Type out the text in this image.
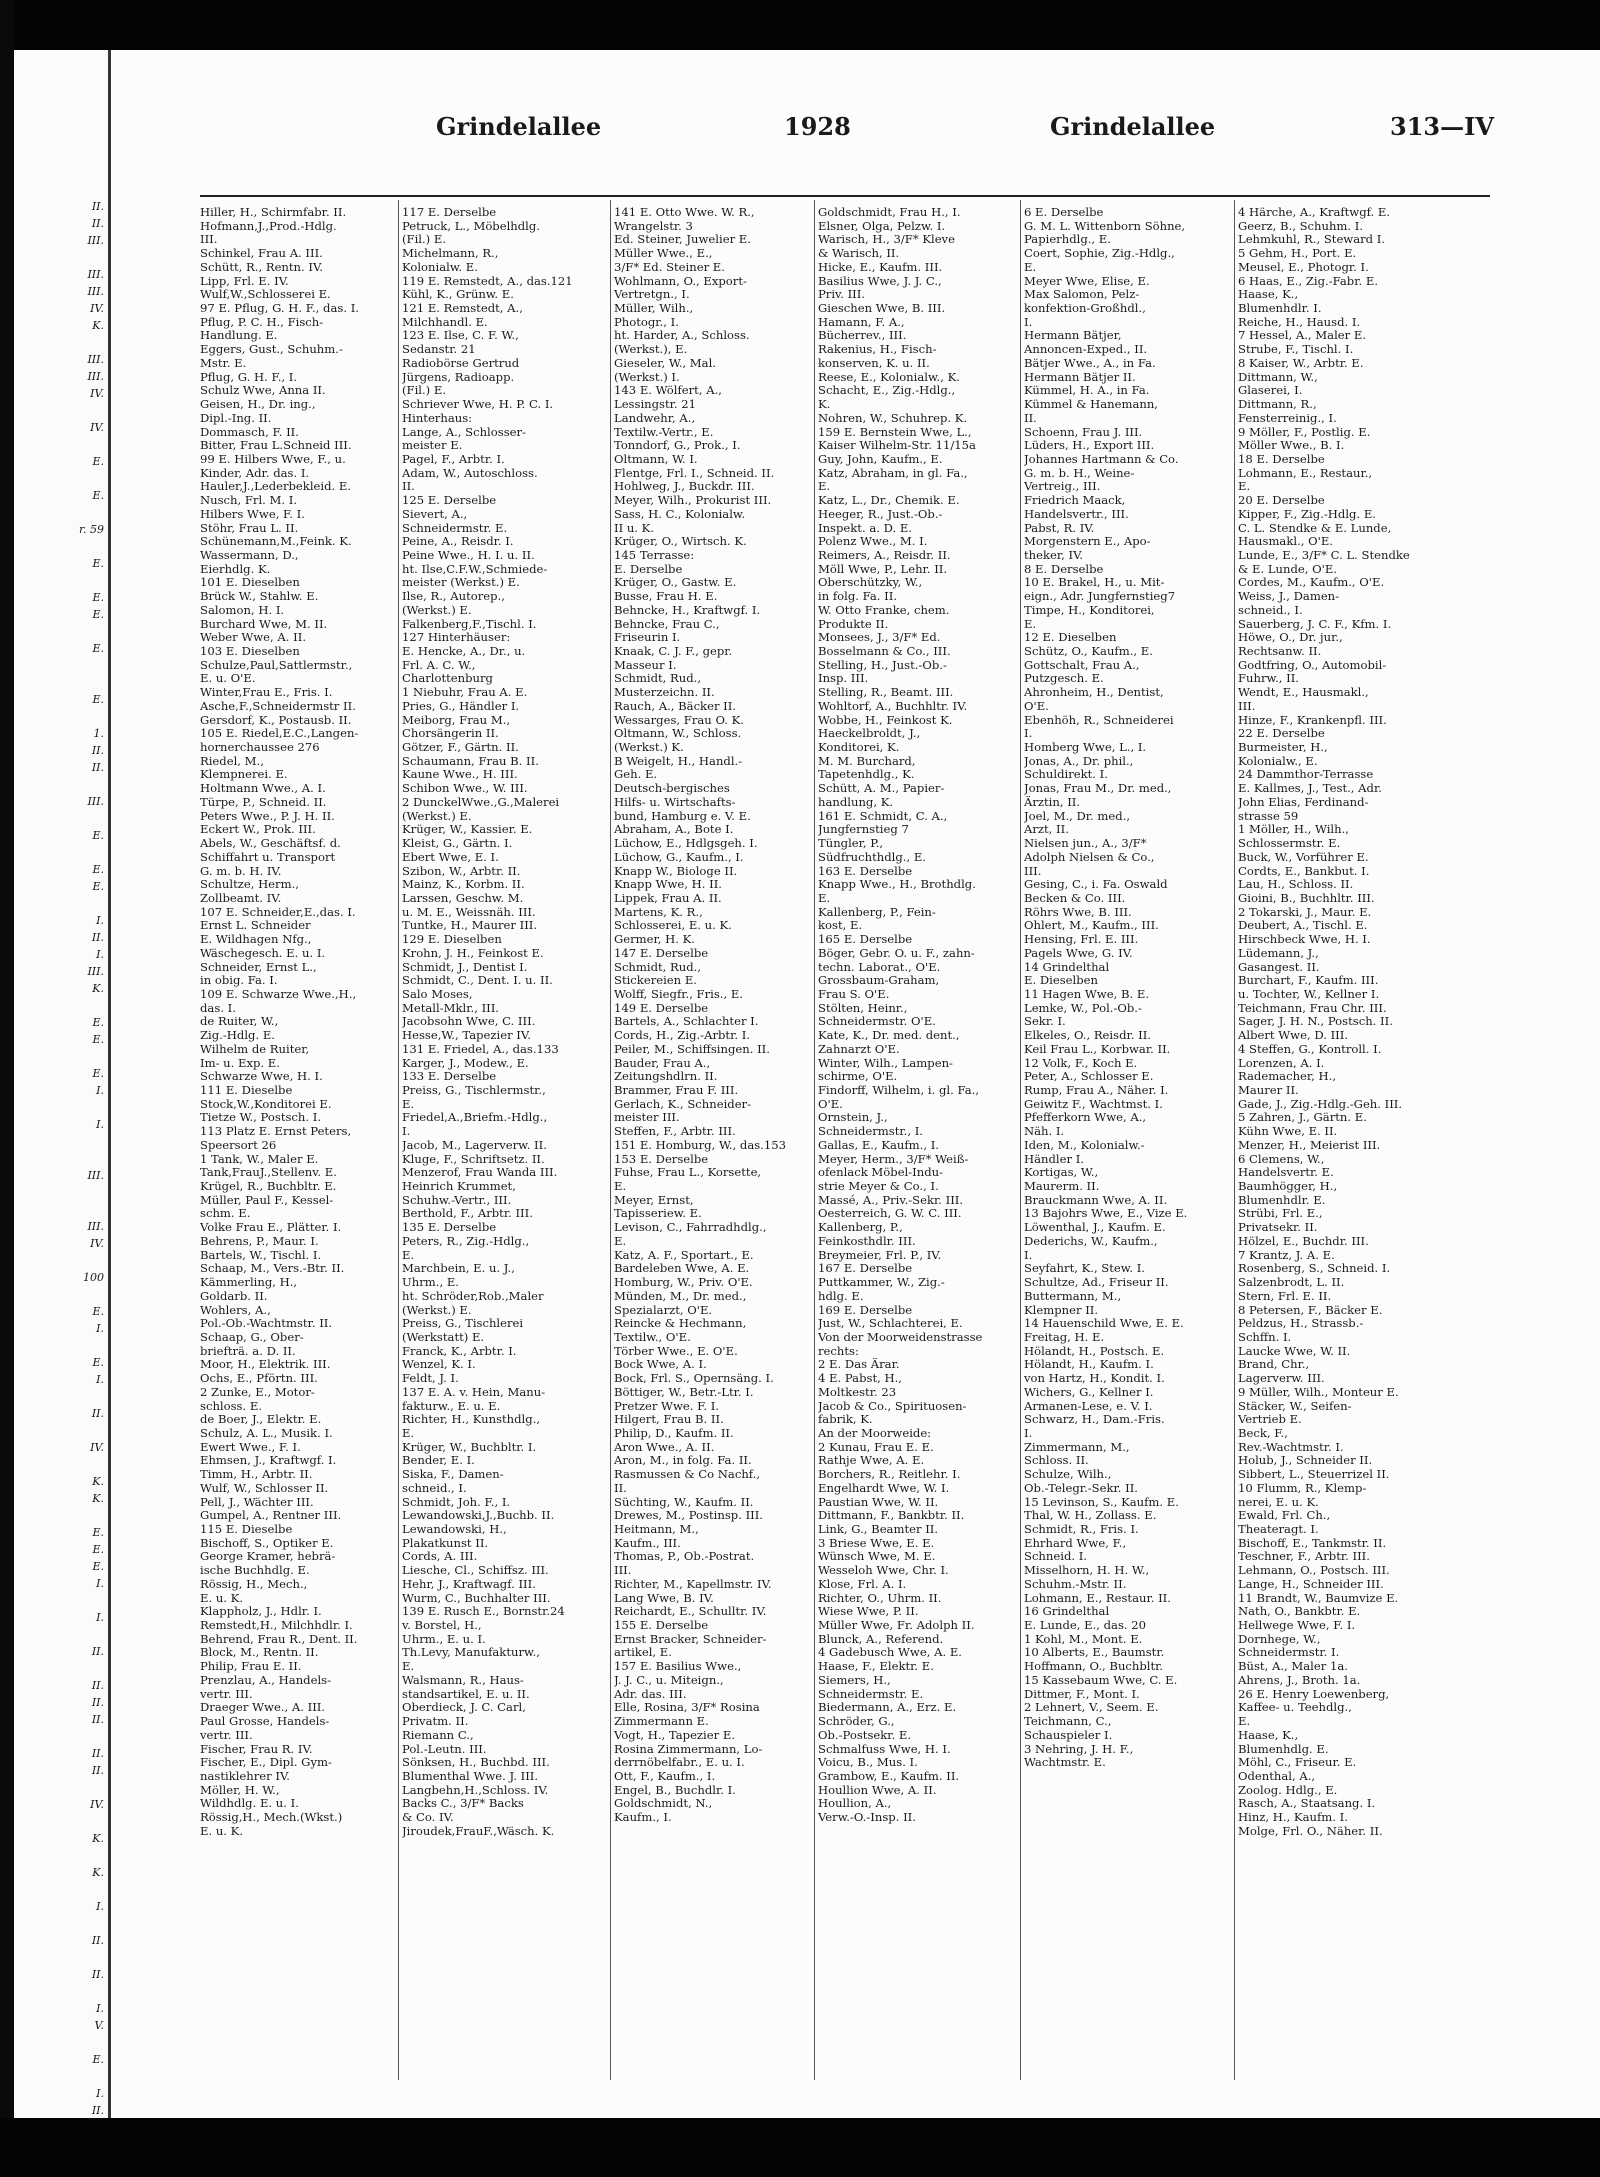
II.
II.
III.
III.
III.
IV.
K.
III.
III.
IV.
IV.
E.
E.
r. 59
E.
E.
E.
E.
E.
1.
II.
II.
III.
E.
E.
E.
I.
II.
I.
III.
K.
E.
E.
E.
I.
I.
III.
III.
IV.
100
E.
I.
E.
I.
II.
IV.
K.
K.
E.
E.
E.
I.
I.
II.
II.
II.
II.
II.
II.
IV.
K.
K.
I.
II.
II.
I.
V.
E.
I.
II.
Grindelallee	1928	Grindelallee	313—IV
Hiller, H., Schirmfabr. II.
Hofmann,J.,Prod.-Hdlg.
III.
Schinkel, Frau A. III.
Schütt, R., Rentn. IV.
Lipp, Frl. E. IV.
Wulf,W.,Schlosserei E.
97 E. Pflug, G. H. F., das. I.
Pflug, P. C. H., Fisch-
Handlung. E.
Eggers, Gust., Schuhm.-
Mstr. E.
Pflug, G. H. F., I.
Schulz Wwe, Anna II.
Geisen, H., Dr. ing.,
Dipl.-Ing. II.
Dommasch, F. II.
Bitter, Frau L.Schneid III.
99 E. Hilbers Wwe, F., u.
Kinder, Adr. das. I.
Hauler,J.,Lederbekleid. E.
Nusch, Frl. M. I.
Hilbers Wwe, F. I.
Stöhr, Frau L. II.
Schünemann,M.,Feink. K.
Wassermann, D.,
Eierhdlg. K.
101 E. Dieselben
Brück W., Stahlw. E.
Salomon, H. I.
Burchard Wwe, M. II.
Weber Wwe, A. II.
103 E. Dieselben
Schulze,Paul,Sattlermstr.,
E. u. O'E.
Winter,Frau E., Fris. I.
Asche,F.,Schneidermstr II.
Gersdorf, K., Postausb. II.
105 E. Riedel,E.C.,Langen-
hornerchaussee 276
Riedel, M.,
Klempnerei. E.
Holtmann Wwe., A. I.
Türpe, P., Schneid. II.
Peters Wwe., P. J. H. II.
Eckert W., Prok. III.
Abels, W., Geschäftsf. d.
Schiffahrt u. Transport
G. m. b. H. IV.
Schultze, Herm.,
Zollbeamt. IV.
107 E. Schneider,E.,das. I.
Ernst L. Schneider
E. Wildhagen Nfg.,
Wäschegesch. E. u. I.
Schneider, Ernst L.,
in obig. Fa. I.
109 E. Schwarze Wwe.,H.,
das. I.
de Ruiter, W.,
Zig.-Hdlg. E.
Wilhelm de Ruiter,
Im- u. Exp. E.
Schwarze Wwe, H. I.
111 E. Dieselbe
Stock,W.,Konditorei E.
Tietze W., Postsch. I.
113 Platz E. Ernst Peters,
Speersort 26
1 Tank, W., Maler E.
Tank,FrauJ.,Stellenv. E.
Krügel, R., Buchbltr. E.
Müller, Paul F., Kessel-
schm. E.
Volke Frau E., Plätter. I.
Behrens, P., Maur. I.
Bartels, W., Tischl. I.
Schaap, M., Vers.-Btr. II.
Kämmerling, H.,
Goldarb. II.
Wohlers, A.,
Pol.-Ob.-Wachtmstr. II.
Schaap, G., Ober-
briefträ. a. D. II.
Moor, H., Elektrik. III.
Ochs, E., Pförtn. III.
2 Zunke, E., Motor-
schloss. E.
de Boer, J., Elektr. E.
Schulz, A. L., Musik. I.
Ewert Wwe., F. I.
Ehmsen, J., Kraftwgf. I.
Timm, H., Arbtr. II.
Wulf, W., Schlosser II.
Pell, J., Wächter III.
Gumpel, A., Rentner III.
115 E. Dieselbe
Bischoff, S., Optiker E.
George Kramer, hebrä-
ische Buchhdlg. E.
Rössig, H., Mech.,
E. u. K.
Klappholz, J., Hdlr. I.
Remstedt,H., Milchhdlr. I.
Behrend, Frau R., Dent. II.
Block, M., Rentn. II.
Philip, Frau E. II.
Prenzlau, A., Handels-
vertr. III.
Draeger Wwe., A. III.
Paul Grosse, Handels-
vertr. III.
Fischer, Frau R. IV.
Fischer, E., Dipl. Gym-
nastiklehrer IV.
Möller, H. W.,
Wildhdlg. E. u. I.
Rössig,H., Mech.(Wkst.)
E. u. K.
117 E. Derselbe
Petruck, L., Möbelhdlg.
(Fil.) E.
Michelmann, R.,
Kolonialw. E.
119 E. Remstedt, A., das.121
Kühl, K., Grünw. E.
121 E. Remstedt, A.,
Milchhandl. E.
123 E. Ilse, C. F. W.,
Sedanstr. 21
Radiobörse Gertrud
Jürgens, Radioapp.
(Fil.) E.
Schriever Wwe, H. P. C. I.
Hinterhaus:
Lange, A., Schlosser-
meister E.
Pagel, F., Arbtr. I.
Adam, W., Autoschloss.
II.
125 E. Derselbe
Sievert, A.,
Schneidermstr. E.
Peine, A., Reisdr. I.
Peine Wwe., H. I. u. II.
ht. Ilse,C.F.W.,Schmiede-
meister (Werkst.) E.
Ilse, R., Autorep.,
(Werkst.) E.
Falkenberg,F.,Tischl. I.
127 Hinterhäuser:
E. Hencke, A., Dr., u.
Frl. A. C. W.,
Charlottenburg
1 Niebuhr, Frau A. E.
Pries, G., Händler I.
Meiborg, Frau M.,
Chorsängerin II.
Götzer, F., Gärtn. II.
Schaumann, Frau B. II.
Kaune Wwe., H. III.
Schibon Wwe., W. III.
2 DunckelWwe.,G.,Malerei
(Werkst.) E.
Krüger, W., Kassier. E.
Kleist, G., Gärtn. I.
Ebert Wwe, E. I.
Szibon, W., Arbtr. II.
Mainz, K., Korbm. II.
Larssen, Geschw. M.
u. M. E., Weissnäh. III.
Tuntke, H., Maurer III.
129 E. Dieselben
Krohn, J. H., Feinkost E.
Schmidt, J., Dentist I.
Schmidt, C., Dent. I. u. II.
Salo Moses,
Metall-Mklr., III.
Jacobsohn Wwe, C. III.
Hesse,W., Tapezier IV.
131 E. Friedel, A., das.133
Karger, J., Modew., E.
133 E. Derselbe
Preiss, G., Tischlermstr.,
E.
Friedel,A.,Briefm.-Hdlg.,
I.
Jacob, M., Lagerverw. II.
Kluge, F., Schriftsetz. II.
Menzerof, Frau Wanda III.
Heinrich Krummet,
Schuhw.-Vertr., III.
Berthold, F., Arbtr. III.
135 E. Derselbe
Peters, R., Zig.-Hdlg.,
E.
Marchbein, E. u. J.,
Uhrm., E.
ht. Schröder,Rob.,Maler
(Werkst.) E.
Preiss, G., Tischlerei
(Werkstatt) E.
Franck, K., Arbtr. I.
Wenzel, K. I.
Feldt, J. I.
137 E. A. v. Hein, Manu-
fakturw., E. u. E.
Richter, H., Kunsthdlg.,
E.
Krüger, W., Buchbltr. I.
Bender, E. I.
Siska, F., Damen-
schneid., I.
Schmidt, Joh. F., I.
Lewandowski,J.,Buchb. II.
Lewandowski, H.,
Plakatkunst II.
Cords, A. III.
Liesche, Cl., Schiffsz. III.
Hehr, J., Kraftwagf. III.
Wurm, C., Buchhalter III.
139 E. Rusch E., Bornstr.24
v. Borstel, H.,
Uhrm., E. u. I.
Th.Levy, Manufakturw.,
E.
Walsmann, R., Haus-
standsartikel, E. u. II.
Oberdieck, J. C. Carl,
Privatm. II.
Riemann C.,
Pol.-Leutn. III.
Sönksen, H., Buchbd. III.
Blumenthal Wwe. J. III.
Langbehn,H.,Schloss. IV.
Backs C., 3/F* Backs
& Co. IV.
Jiroudek,FrauF.,Wäsch. K.
141 E. Otto Wwe. W. R.,
Wrangelstr. 3
Ed. Steiner, Juwelier E.
Müller Wwe., E.,
3/F* Ed. Steiner E.
Wohlmann, O., Export-
Vertretgn., I.
Müller, Wilh.,
Photogr., I.
ht. Harder, A., Schloss.
(Werkst.), E.
Gieseler, W., Mal.
(Werkst.) I.
143 E. Wölfert, A.,
Lessingstr. 21
Landwehr, A.,
Textilw.-Vertr., E.
Tonndorf, G., Prok., I.
Oltmann, W. I.
Flentge, Frl. I., Schneid. II.
Hohlweg, J., Buckdr. III.
Meyer, Wilh., Prokurist III.
Sass, H. C., Kolonialw.
II u. K.
Krüger, O., Wirtsch. K.
145 Terrasse:
E. Derselbe
Krüger, O., Gastw. E.
Busse, Frau H. E.
Behncke, H., Kraftwgf. I.
Behncke, Frau C.,
Friseurin I.
Knaak, C. J. F., gepr.
Masseur I.
Schmidt, Rud.,
Musterzeichn. II.
Rauch, A., Bäcker II.
Wessarges, Frau O. K.
Oltmann, W., Schloss.
(Werkst.) K.
B Weigelt, H., Handl.-
Geh. E.
Deutsch-bergisches
Hilfs- u. Wirtschafts-
bund, Hamburg e. V. E.
Abraham, A., Bote I.
Lüchow, E., Hdlgsgeh. I.
Lüchow, G., Kaufm., I.
Knapp W., Biologe II.
Knapp Wwe, H. II.
Lippek, Frau A. II.
Martens, K. R.,
Schlosserei, E. u. K.
Germer, H. K.
147 E. Derselbe
Schmidt, Rud.,
Stickereien E.
Wolff, Siegfr., Fris., E.
149 E. Derselbe
Bartels, A., Schlachter I.
Cords, H., Zig.-Arbtr. I.
Peiler, M., Schiffsingen. II.
Bauder, Frau A.,
Zeitungshdlrn. II.
Brammer, Frau F. III.
Gerlach, K., Schneider-
meister III.
Steffen, F., Arbtr. III.
151 E. Homburg, W., das.153
153 E. Derselbe
Fuhse, Frau L., Korsette,
E.
Meyer, Ernst,
Tapisseriew. E.
Levison, C., Fahrradhdlg.,
E.
Katz, A. F., Sportart., E.
Bardeleben Wwe, A. E.
Homburg, W., Priv. O'E.
Münden, M., Dr. med.,
Spezialarzt, O'E.
Reincke & Hechmann,
Textilw., O'E.
Törber Wwe., E. O'E.
Bock Wwe, A. I.
Bock, Frl. S., Opernsäng. I.
Böttiger, W., Betr.-Ltr. I.
Pretzer Wwe. F. I.
Hilgert, Frau B. II.
Philip, D., Kaufm. II.
Aron Wwe., A. II.
Aron, M., in folg. Fa. II.
Rasmussen & Co Nachf.,
II.
Süchting, W., Kaufm. II.
Drewes, M., Postinsp. III.
Heitmann, M.,
Kaufm., III.
Thomas, P., Ob.-Postrat.
III.
Richter, M., Kapellmstr. IV.
Lang Wwe, B. IV.
Reichardt, E., Schulltr. IV.
155 E. Derselbe
Ernst Bracker, Schneider-
artikel, E.
157 E. Basilius Wwe.,
J. J. C., u. Miteign.,
Adr. das. III.
Elle, Rosina, 3/F* Rosina
Zimmermann E.
Vogt, H., Tapezier E.
Rosina Zimmermann, Lo-
derrnöbelfabr., E. u. I.
Ott, F., Kaufm., I.
Engel, B., Buchdlr. I.
Goldschmidt, N.,
Kaufm., I.
Goldschmidt, Frau H., I.
Elsner, Olga, Pelzw. I.
Warisch, H., 3/F* Kleve
& Warisch, II.
Hicke, E., Kaufm. III.
Basilius Wwe, J. J. C.,
Priv. III.
Gieschen Wwe, B. III.
Hamann, F. A.,
Bücherrev., III.
Rakenius, H., Fisch-
konserven, K. u. II.
Reese, E., Kolonialw., K.
Schacht, E., Zig.-Hdlg.,
K.
Nohren, W., Schuhrep. K.
159 E. Bernstein Wwe, L.,
Kaiser Wilhelm-Str. 11/15a
Guy, John, Kaufm., E.
Katz, Abraham, in gl. Fa.,
E.
Katz, L., Dr., Chemik. E.
Heeger, R., Just.-Ob.-
Inspekt. a. D. E.
Polenz Wwe., M. I.
Reimers, A., Reisdr. II.
Möll Wwe, P., Lehr. II.
Oberschützky, W.,
in folg. Fa. II.
W. Otto Franke, chem.
Produkte II.
Monsees, J., 3/F* Ed.
Bosselmann & Co., III.
Stelling, H., Just.-Ob.-
Insp. III.
Stelling, R., Beamt. III.
Wohltorf, A., Buchhltr. IV.
Wobbe, H., Feinkost K.
Haeckelbroldt, J.,
Konditorei, K.
M. M. Burchard,
Tapetenhdlg., K.
Schütt, A. M., Papier-
handlung, K.
161 E. Schmidt, C. A.,
Jungfernstieg 7
Tüngler, P.,
Südfruchthdlg., E.
163 E. Derselbe
Knapp Wwe., H., Brothdlg.
E.
Kallenberg, P., Fein-
kost, E.
165 E. Derselbe
Böger, Gebr. O. u. F., zahn-
techn. Laborat., O'E.
Grossbaum-Graham,
Frau S. O'E.
Stölten, Heinr.,
Schneidermstr. O'E.
Kate, K., Dr. med. dent.,
Zahnarzt O'E.
Winter, Wilh., Lampen-
schirme, O'E.
Findorff, Wilhelm, i. gl. Fa.,
O'E.
Ornstein, J.,
Schneidermstr., I.
Gallas, E., Kaufm., I.
Meyer, Herm., 3/F* Weiß-
ofenlack Möbel-Indu-
strie Meyer & Co., I.
Massé, A., Priv.-Sekr. III.
Oesterreich, G. W. C. III.
Kallenberg, P.,
Feinkosthdlr. III.
Breymeier, Frl. P., IV.
167 E. Derselbe
Puttkammer, W., Zig.-
hdlg. E.
169 E. Derselbe
Just, W., Schlachterei, E.
Von der Moorweidenstrasse
rechts:
2 E. Das Ärar.
4 E. Pabst, H.,
Moltkestr. 23
Jacob & Co., Spirituosen-
fabrik, K.
An der Moorweide:
2 Kunau, Frau E. E.
Rathje Wwe, A. E.
Borchers, R., Reitlehr. I.
Engelhardt Wwe, W. I.
Paustian Wwe, W. II.
Dittmann, F., Bankbtr. II.
Link, G., Beamter II.
3 Briese Wwe, E. E.
Wünsch Wwe, M. E.
Wesseloh Wwe, Chr. I.
Klose, Frl. A. I.
Richter, O., Uhrm. II.
Wiese Wwe, P. II.
Müller Wwe, Fr. Adolph II.
Blunck, A., Referend.
4 Gadebusch Wwe, A. E.
Haase, F., Elektr. E.
Siemers, H.,
Schneidermstr. E.
Biedermann, A., Erz. E.
Schröder, G.,
Ob.-Postsekr. E.
Schmalfuss Wwe, H. I.
Voicu, B., Mus. I.
Grambow, E., Kaufm. II.
Houllion Wwe, A. II.
Houllion, A.,
Verw.-O.-Insp. II.
6 E. Derselbe
G. M. L. Wittenborn Söhne,
Papierhdlg., E.
Coert, Sophie, Zig.-Hdlg.,
E.
Meyer Wwe, Elise, E.
Max Salomon, Pelz-
konfektion-Großhdl.,
I.
Hermann Bätjer,
Annoncen-Exped., II.
Bätjer Wwe., A., in Fa.
Hermann Bätjer II.
Kümmel, H. A., in Fa.
Kümmel & Hanemann,
II.
Schoenn, Frau J. III.
Lüders, H., Export III.
Johannes Hartmann & Co.
G. m. b. H., Weine-
Vertreig., III.
Friedrich Maack,
Handelsvertr., III.
Pabst, R. IV.
Morgenstern E., Apo-
theker, IV.
8 E. Derselbe
10 E. Brakel, H., u. Mit-
eign., Adr. Jungfernstieg7
Timpe, H., Konditorei,
E.
12 E. Dieselben
Schütz, O., Kaufm., E.
Gottschalt, Frau A.,
Putzgesch. E.
Ahronheim, H., Dentist,
O'E.
Ebenhöh, R., Schneiderei
I.
Homberg Wwe, L., I.
Jonas, A., Dr. phil.,
Schuldirekt. I.
Jonas, Frau M., Dr. med.,
Ärztin, II.
Joel, M., Dr. med.,
Arzt, II.
Nielsen jun., A., 3/F*
Adolph Nielsen & Co.,
III.
Gesing, C., i. Fa. Oswald
Becken & Co. III.
Röhrs Wwe, B. III.
Ohlert, M., Kaufm., III.
Hensing, Frl. E. III.
Pagels Wwe, G. IV.
14 Grindelthal
E. Dieselben
11 Hagen Wwe, B. E.
Lemke, W., Pol.-Ob.-
Sekr. I.
Elkeles, O., Reisdr. II.
Keil Frau L., Korbwar. II.
12 Volk, F., Koch E.
Peter, A., Schlosser E.
Rump, Frau A., Näher. I.
Geiwitz F., Wachtmst. I.
Pfefferkorn Wwe, A.,
Näh. I.
Iden, M., Kolonialw.-
Händler I.
Kortigas, W.,
Maurerm. II.
Brauckmann Wwe, A. II.
13 Bajohrs Wwe, E., Vize E.
Löwenthal, J., Kaufm. E.
Dederichs, W., Kaufm.,
I.
Seyfahrt, K., Stew. I.
Schultze, Ad., Friseur II.
Buttermann, M.,
Klempner II.
14 Hauenschild Wwe, E. E.
Freitag, H. E.
Hölandt, H., Postsch. E.
Hölandt, H., Kaufm. I.
von Hartz, H., Kondit. I.
Wichers, G., Kellner I.
Armanen-Lese, e. V. I.
Schwarz, H., Dam.-Fris.
I.
Zimmermann, M.,
Schloss. II.
Schulze, Wilh.,
Ob.-Telegr.-Sekr. II.
15 Levinson, S., Kaufm. E.
Thal, W. H., Zollass. E.
Schmidt, R., Fris. I.
Ehrhard Wwe, F.,
Schneid. I.
Misselhorn, H. H. W.,
Schuhm.-Mstr. II.
Lohmann, E., Restaur. II.
16 Grindelthal
E. Lunde, E., das. 20
1 Kohl, M., Mont. E.
10 Alberts, E., Baumstr.
Hoffmann, O., Buchbltr.
15 Kassebaum Wwe, C. E.
Dittmer, F., Mont. I.
2 Lehnert, V., Seem. E.
Teichmann, C.,
Schauspieler I.
3 Nehring, J. H. F.,
Wachtmstr. E.
4 Härche, A., Kraftwgf. E.
Geerz, B., Schuhm. I.
Lehmkuhl, R., Steward I.
5 Gehm, H., Port. E.
Meusel, E., Photogr. I.
6 Haas, E., Zig.-Fabr. E.
Haase, K.,
Blumenhdlr. I.
Reiche, H., Hausd. I.
7 Hessel, A., Maler E.
Strube, F., Tischl. I.
8 Kaiser, W., Arbtr. E.
Dittmann, W.,
Glaserei, I.
Dittmann, R.,
Fensterreinig., I.
9 Möller, F., Postlig. E.
Möller Wwe., B. I.
18 E. Derselbe
Lohmann, E., Restaur.,
E.
20 E. Derselbe
Kipper, F., Zig.-Hdlg. E.
C. L. Stendke & E. Lunde,
Hausmakl., O'E.
Lunde, E., 3/F* C. L. Stendke
& E. Lunde, O'E.
Cordes, M., Kaufm., O'E.
Weiss, J., Damen-
schneid., I.
Sauerberg, J. C. F., Kfm. I.
Höwe, O., Dr. jur.,
Rechtsanw. II.
Godtfring, O., Automobil-
Fuhrw., II.
Wendt, E., Hausmakl.,
III.
Hinze, F., Krankenpfl. III.
22 E. Derselbe
Burmeister, H.,
Kolonialw., E.
24 Dammthor-Terrasse
E. Kallmes, J., Test., Adr.
John Elias, Ferdinand-
strasse 59
1 Möller, H., Wilh.,
Schlossermstr. E.
Buck, W., Vorführer E.
Cordts, E., Bankbut. I.
Lau, H., Schloss. II.
Gioini, B., Buchhltr. III.
2 Tokarski, J., Maur. E.
Deubert, A., Tischl. E.
Hirschbeck Wwe, H. I.
Lüdemann, J.,
Gasangest. II.
Burchart, F., Kaufm. III.
u. Tochter, W., Kellner I.
Teichmann, Frau Chr. III.
Sager, J. H. N., Postsch. II.
Albert Wwe, D. III.
4 Steffen, G., Kontroll. I.
Lorenzen, A. I.
Rademacher, H.,
Maurer II.
Gade, J., Zig.-Hdlg.-Geh. III.
5 Zahren, J., Gärtn. E.
Kühn Wwe, E. II.
Menzer, H., Meierist III.
6 Clemens, W.,
Handelsvertr. E.
Baumhögger, H.,
Blumenhdlr. E.
Strübi, Frl. E.,
Privatsekr. II.
Hölzel, E., Buchdr. III.
7 Krantz, J. A. E.
Rosenberg, S., Schneid. I.
Salzenbrodt, L. II.
Stern, Frl. E. II.
8 Petersen, F., Bäcker E.
Peldzus, H., Strassb.-
Schffn. I.
Laucke Wwe, W. II.
Brand, Chr.,
Lagerverw. III.
9 Müller, Wilh., Monteur E.
Stäcker, W., Seifen-
Vertrieb E.
Beck, F.,
Rev.-Wachtmstr. I.
Holub, J., Schneider II.
Sibbert, L., Steuerrizel II.
10 Flumm, R., Klemp-
nerei, E. u. K.
Ewald, Frl. Ch.,
Theateragt. I.
Bischoff, E., Tankmstr. II.
Teschner, F., Arbtr. III.
Lehmann, O., Postsch. III.
Lange, H., Schneider III.
11 Brandt, W., Baumvize E.
Nath, O., Bankbtr. E.
Hellwege Wwe, F. I.
Dornhege, W.,
Schneidermstr. I.
Büst, A., Maler 1a.
Ahrens, J., Broth. 1a.
26 E. Henry Loewenberg,
Kaffee- u. Teehdlg.,
E.
Haase, K.,
Blumenhdlg. E.
Möhl, C., Friseur. E.
Odenthal, A.,
Zoolog. Hdlg., E.
Rasch, A., Staatsang. I.
Hinz, H., Kaufm. I.
Molge, Frl. O., Näher. II.
